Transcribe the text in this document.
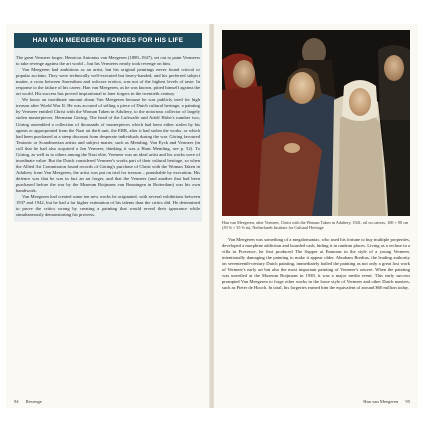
HAN VAN MEEGEREN FORGES FOR HIS LIFE

The great Vermeer forger, Henricus Antonius van Meegeren (1889–1947), set out to paint Vermeers to take revenge against the art world – but his Vermeers nearly took revenge on him.

Van Meegeren had ambitions as an artist, but his original paintings never found critical or popular acclaim. They were technically well-executed but heavy-handed, and his preferred subject matter, a cross between Surrealism and softcore erotica, was not of the highest levels of taste. In response to the failure of his career, Han van Meegeren, as he was known, pitted himself against the art world. His success has proved inspirational to later forgers in the twentieth century.

We know an inordinate amount about Van Meegeren because he was publicly tried for high treason after World War II. He was accused of selling a piece of Dutch cultural heritage, a painting by Vermeer entitled Christ with the Woman Taken in Adultery, to the notorious collector of largely stolen masterpieces, Hermann Göring. The head of the Luftwaffe and Adolf Hitler's number two, Göring assembled a collection of thousands of masterpieces which had been either stolen by his agents or appropriated from the Nazi art theft unit, the ERR, after it had stolen the works, or which had been purchased at a steep discount from desperate individuals during the war. Göring favoured Teutonic or Scandinavian artists and subject matter, such as Memling, Van Eyck and Vermeer (in coll that he had also acquired a Jan Vermeer, thinking it was a Hans Memling, see p. 52). To Göring, as well as to others among the Nazi elite, Vermeer was an ideal artist and his works were of inordinate value. But the Dutch considered Vermeer's works part of their cultural heritage, so when the Allied Art Commission found records of Göring's purchase of Christ with the Woman Taken in Adultery from Van Meegeren, the artist was put on trial for treason – punishable by execution. His defence was that he was in fact an art forger, and that the Vermeer (and another that had been purchased before the war by the Museum Boijmans van Beuningen in Rotterdam) was his own handiwork.

Van Meegeren had created some ten new works he originated, with several exhibitions between 1937 and 1942, but he had a far higher estimation of his talents than the critics did. He determined to prove the critics wrong by creating a painting that would reveal their ignorance while simultaneously demonstrating his prowess.

94 Revenge
Han van Meegeren, after Vermeer, Christ with the Woman Taken in Adultery, 1941, oil on canvas, 100 × 90 cm (39 ⅜ × 35 ⅜ in), Netherlands Institute for Cultural Heritage

Van Meegeren was something of a megalomaniac, who used his fortune to buy multiple properties, developed a morphine addiction and hoarded cash, hiding it in random places. Living as a recluse in a villa in Provence, he first produced The Supper at Emmaus in the style of a young Vermeer, intentionally damaging the painting to make it appear older. Abraham Bredius, the leading authority on seventeenth-century Dutch painting, immediately hailed the painting as not only a great lost work of Vermeer's early art but also the most important painting of Vermeer's oeuvre. When the painting was unveiled at the Museum Boijmans in 1938, it was a major media event. This early success prompted Van Meegeren to forge other works in the loose style of Vermeer and other Dutch masters, such as Pieter de Hooch. In total, his forgeries earned him the equivalent of around $60 million today.

Han van Meegeren 95
